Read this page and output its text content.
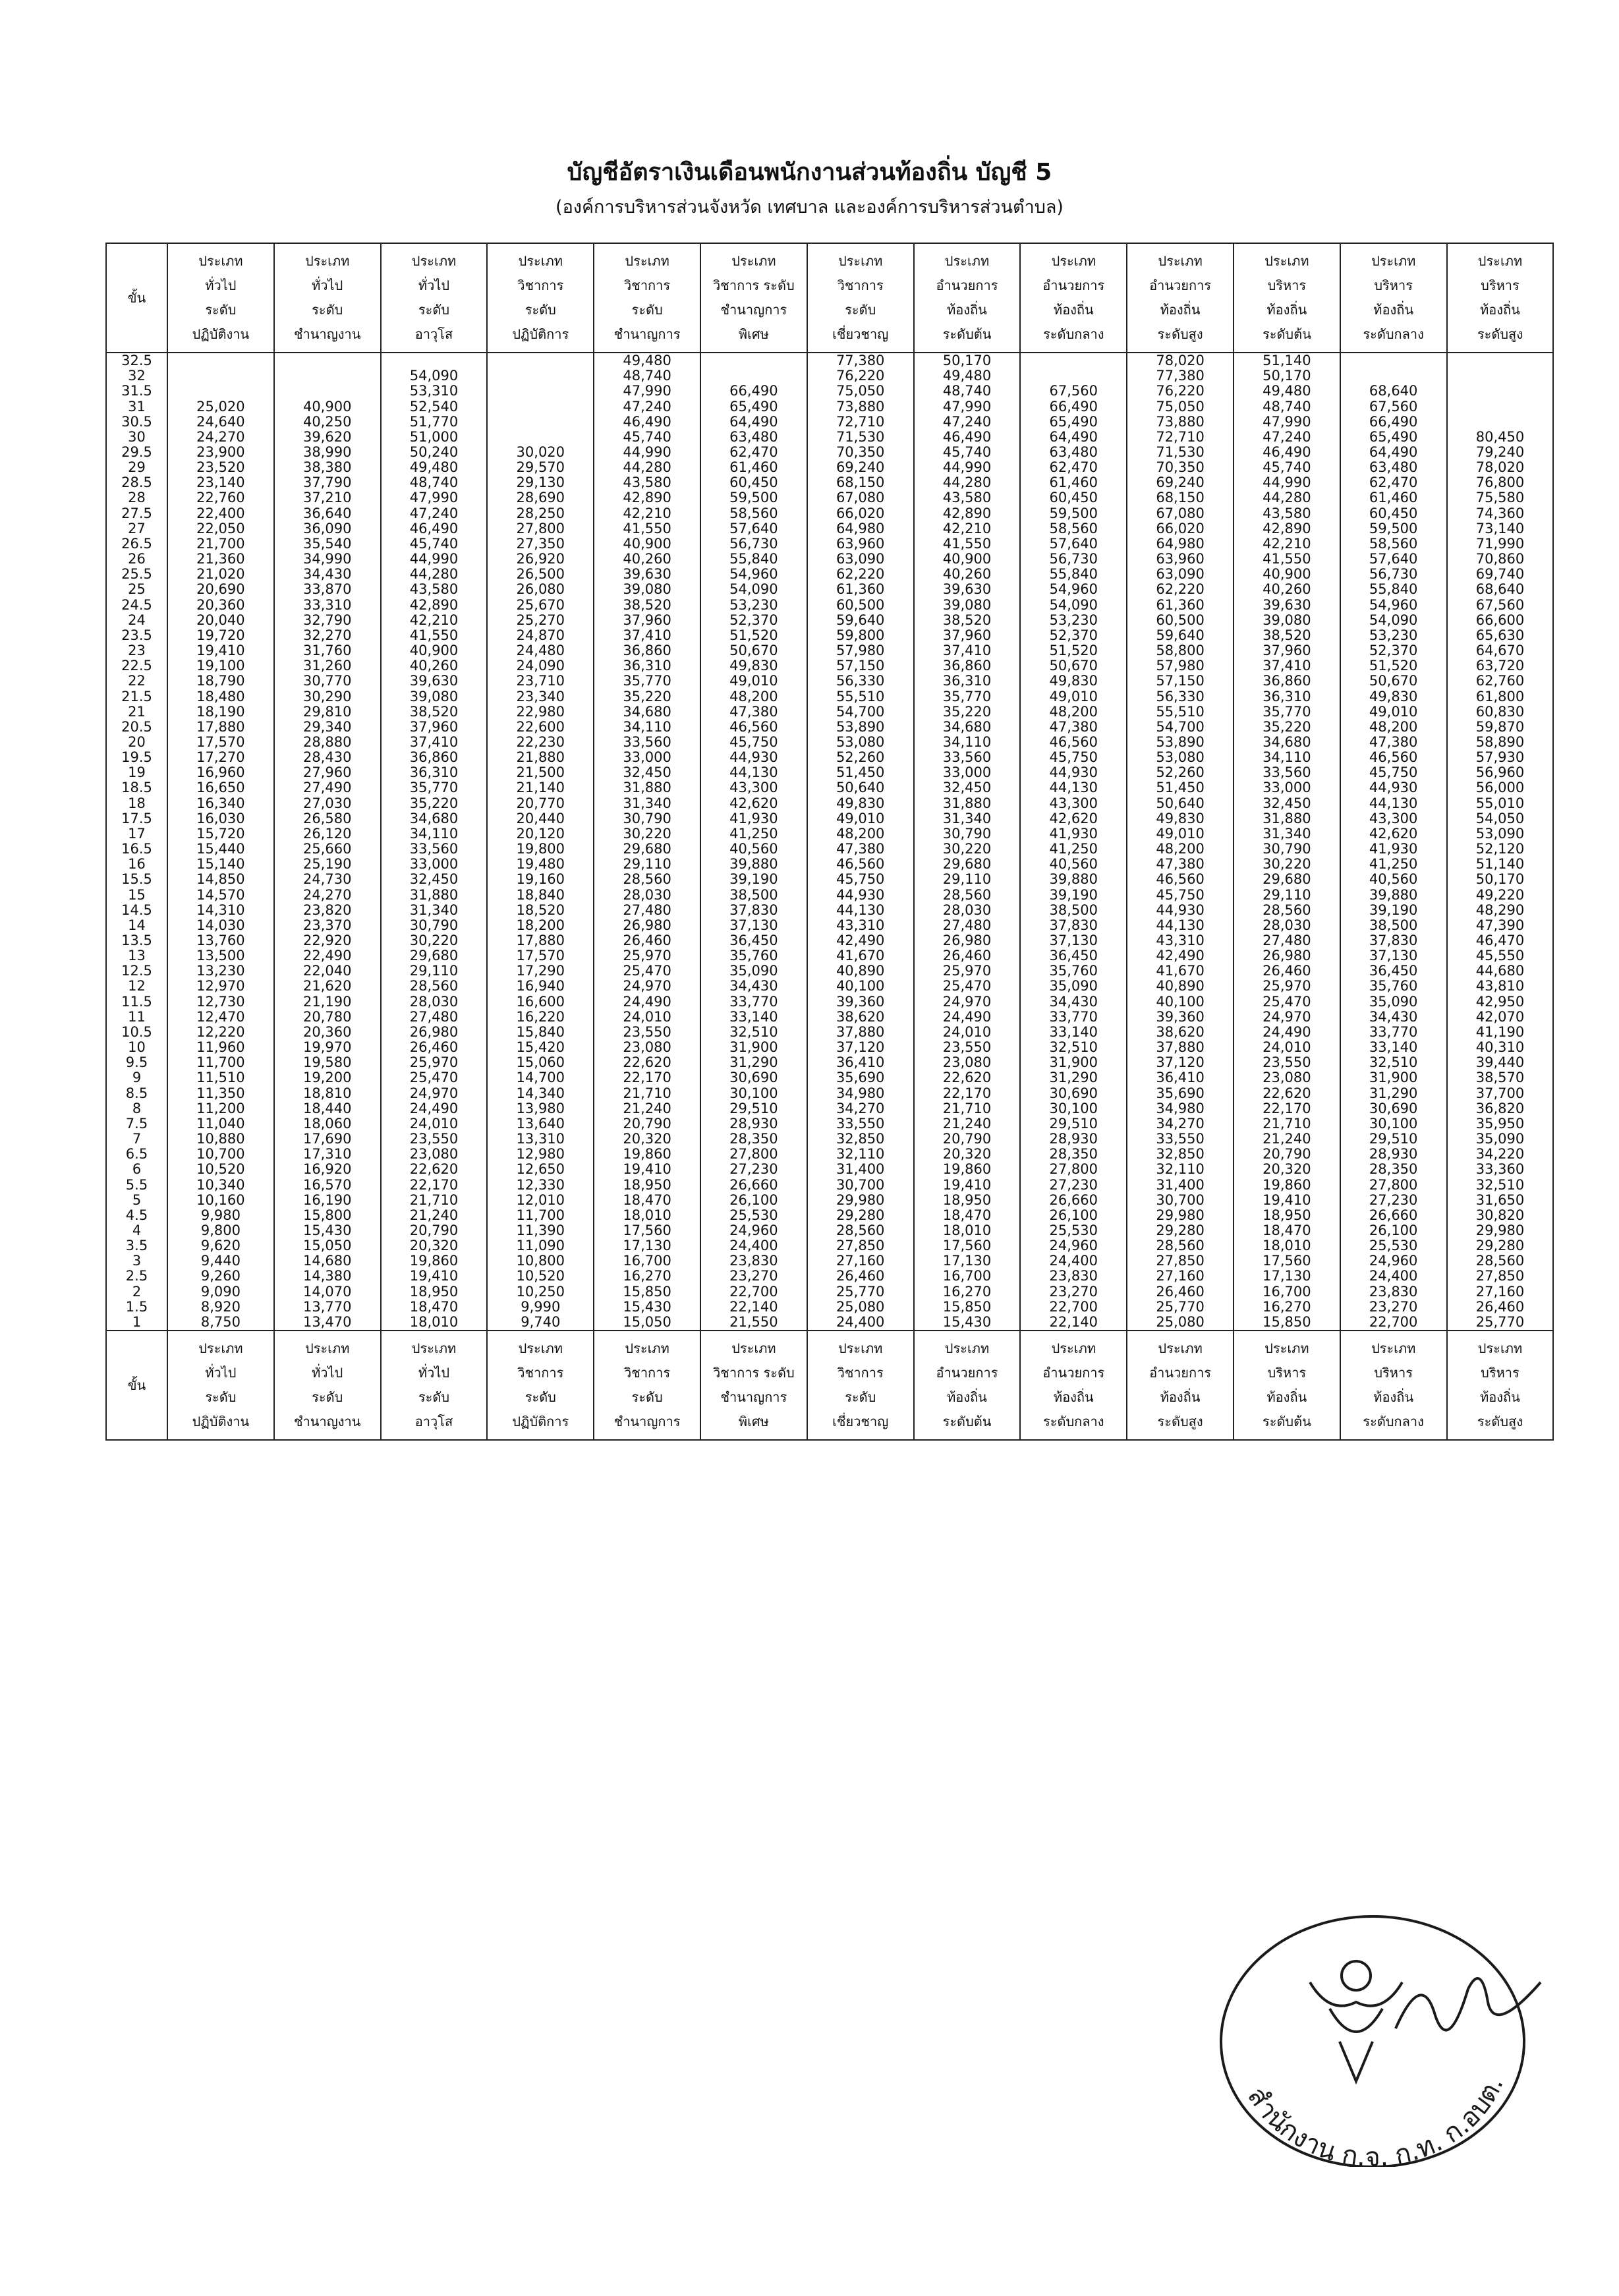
บัญชีอัตราเงินเดือนพนักงานส่วนท้องถิ่น บัญชี 5
(องค์การบริหารส่วนจังหวัด เทศบาล และองค์การบริหารส่วนตำบล)
ขั้น	ประเภท
ทั่วไป
ระดับ
ปฏิบัติงาน	ประเภท
ทั่วไป
ระดับ
ชำนาญงาน	ประเภท
ทั่วไป
ระดับ
อาวุโส	ประเภท
วิชาการ
ระดับ
ปฏิบัติการ	ประเภท
วิชาการ
ระดับ
ชำนาญการ	ประเภท
วิชาการ ระดับ
ชำนาญการ
พิเศษ	ประเภท
วิชาการ
ระดับ
เชี่ยวชาญ	ประเภท
อำนวยการ
ท้องถิ่น
ระดับต้น	ประเภท
อำนวยการ
ท้องถิ่น
ระดับกลาง	ประเภท
อำนวยการ
ท้องถิ่น
ระดับสูง	ประเภท
บริหาร
ท้องถิ่น
ระดับต้น	ประเภท
บริหาร
ท้องถิ่น
ระดับกลาง	ประเภท
บริหาร
ท้องถิ่น
ระดับสูง

32.5					49,480		77,380	50,170		78,020	51,140		
32			54,090		48,740		76,220	49,480		77,380	50,170		
31.5			53,310		47,990	66,490	75,050	48,740	67,560	76,220	49,480	68,640	
31	25,020	40,900	52,540		47,240	65,490	73,880	47,990	66,490	75,050	48,740	67,560	
30.5	24,640	40,250	51,770		46,490	64,490	72,710	47,240	65,490	73,880	47,990	66,490	
30	24,270	39,620	51,000		45,740	63,480	71,530	46,490	64,490	72,710	47,240	65,490	80,450
29.5	23,900	38,990	50,240	30,020	44,990	62,470	70,350	45,740	63,480	71,530	46,490	64,490	79,240
29	23,520	38,380	49,480	29,570	44,280	61,460	69,240	44,990	62,470	70,350	45,740	63,480	78,020
28.5	23,140	37,790	48,740	29,130	43,580	60,450	68,150	44,280	61,460	69,240	44,990	62,470	76,800
28	22,760	37,210	47,990	28,690	42,890	59,500	67,080	43,580	60,450	68,150	44,280	61,460	75,580
27.5	22,400	36,640	47,240	28,250	42,210	58,560	66,020	42,890	59,500	67,080	43,580	60,450	74,360
27	22,050	36,090	46,490	27,800	41,550	57,640	64,980	42,210	58,560	66,020	42,890	59,500	73,140
26.5	21,700	35,540	45,740	27,350	40,900	56,730	63,960	41,550	57,640	64,980	42,210	58,560	71,990
26	21,360	34,990	44,990	26,920	40,260	55,840	63,090	40,900	56,730	63,960	41,550	57,640	70,860
25.5	21,020	34,430	44,280	26,500	39,630	54,960	62,220	40,260	55,840	63,090	40,900	56,730	69,740
25	20,690	33,870	43,580	26,080	39,080	54,090	61,360	39,630	54,960	62,220	40,260	55,840	68,640
24.5	20,360	33,310	42,890	25,670	38,520	53,230	60,500	39,080	54,090	61,360	39,630	54,960	67,560
24	20,040	32,790	42,210	25,270	37,960	52,370	59,640	38,520	53,230	60,500	39,080	54,090	66,600
23.5	19,720	32,270	41,550	24,870	37,410	51,520	59,800	37,960	52,370	59,640	38,520	53,230	65,630
23	19,410	31,760	40,900	24,480	36,860	50,670	57,980	37,410	51,520	58,800	37,960	52,370	64,670
22.5	19,100	31,260	40,260	24,090	36,310	49,830	57,150	36,860	50,670	57,980	37,410	51,520	63,720
22	18,790	30,770	39,630	23,710	35,770	49,010	56,330	36,310	49,830	57,150	36,860	50,670	62,760
21.5	18,480	30,290	39,080	23,340	35,220	48,200	55,510	35,770	49,010	56,330	36,310	49,830	61,800
21	18,190	29,810	38,520	22,980	34,680	47,380	54,700	35,220	48,200	55,510	35,770	49,010	60,830
20.5	17,880	29,340	37,960	22,600	34,110	46,560	53,890	34,680	47,380	54,700	35,220	48,200	59,870
20	17,570	28,880	37,410	22,230	33,560	45,750	53,080	34,110	46,560	53,890	34,680	47,380	58,890
19.5	17,270	28,430	36,860	21,880	33,000	44,930	52,260	33,560	45,750	53,080	34,110	46,560	57,930
19	16,960	27,960	36,310	21,500	32,450	44,130	51,450	33,000	44,930	52,260	33,560	45,750	56,960
18.5	16,650	27,490	35,770	21,140	31,880	43,300	50,640	32,450	44,130	51,450	33,000	44,930	56,000
18	16,340	27,030	35,220	20,770	31,340	42,620	49,830	31,880	43,300	50,640	32,450	44,130	55,010
17.5	16,030	26,580	34,680	20,440	30,790	41,930	49,010	31,340	42,620	49,830	31,880	43,300	54,050
17	15,720	26,120	34,110	20,120	30,220	41,250	48,200	30,790	41,930	49,010	31,340	42,620	53,090
16.5	15,440	25,660	33,560	19,800	29,680	40,560	47,380	30,220	41,250	48,200	30,790	41,930	52,120
16	15,140	25,190	33,000	19,480	29,110	39,880	46,560	29,680	40,560	47,380	30,220	41,250	51,140
15.5	14,850	24,730	32,450	19,160	28,560	39,190	45,750	29,110	39,880	46,560	29,680	40,560	50,170
15	14,570	24,270	31,880	18,840	28,030	38,500	44,930	28,560	39,190	45,750	29,110	39,880	49,220
14.5	14,310	23,820	31,340	18,520	27,480	37,830	44,130	28,030	38,500	44,930	28,560	39,190	48,290
14	14,030	23,370	30,790	18,200	26,980	37,130	43,310	27,480	37,830	44,130	28,030	38,500	47,390
13.5	13,760	22,920	30,220	17,880	26,460	36,450	42,490	26,980	37,130	43,310	27,480	37,830	46,470
13	13,500	22,490	29,680	17,570	25,970	35,760	41,670	26,460	36,450	42,490	26,980	37,130	45,550
12.5	13,230	22,040	29,110	17,290	25,470	35,090	40,890	25,970	35,760	41,670	26,460	36,450	44,680
12	12,970	21,620	28,560	16,940	24,970	34,430	40,100	25,470	35,090	40,890	25,970	35,760	43,810
11.5	12,730	21,190	28,030	16,600	24,490	33,770	39,360	24,970	34,430	40,100	25,470	35,090	42,950
11	12,470	20,780	27,480	16,220	24,010	33,140	38,620	24,490	33,770	39,360	24,970	34,430	42,070
10.5	12,220	20,360	26,980	15,840	23,550	32,510	37,880	24,010	33,140	38,620	24,490	33,770	41,190
10	11,960	19,970	26,460	15,420	23,080	31,900	37,120	23,550	32,510	37,880	24,010	33,140	40,310
9.5	11,700	19,580	25,970	15,060	22,620	31,290	36,410	23,080	31,900	37,120	23,550	32,510	39,440
9	11,510	19,200	25,470	14,700	22,170	30,690	35,690	22,620	31,290	36,410	23,080	31,900	38,570
8.5	11,350	18,810	24,970	14,340	21,710	30,100	34,980	22,170	30,690	35,690	22,620	31,290	37,700
8	11,200	18,440	24,490	13,980	21,240	29,510	34,270	21,710	30,100	34,980	22,170	30,690	36,820
7.5	11,040	18,060	24,010	13,640	20,790	28,930	33,550	21,240	29,510	34,270	21,710	30,100	35,950
7	10,880	17,690	23,550	13,310	20,320	28,350	32,850	20,790	28,930	33,550	21,240	29,510	35,090
6.5	10,700	17,310	23,080	12,980	19,860	27,800	32,110	20,320	28,350	32,850	20,790	28,930	34,220
6	10,520	16,920	22,620	12,650	19,410	27,230	31,400	19,860	27,800	32,110	20,320	28,350	33,360
5.5	10,340	16,570	22,170	12,330	18,950	26,660	30,700	19,410	27,230	31,400	19,860	27,800	32,510
5	10,160	16,190	21,710	12,010	18,470	26,100	29,980	18,950	26,660	30,700	19,410	27,230	31,650
4.5	9,980	15,800	21,240	11,700	18,010	25,530	29,280	18,470	26,100	29,980	18,950	26,660	30,820
4	9,800	15,430	20,790	11,390	17,560	24,960	28,560	18,010	25,530	29,280	18,470	26,100	29,980
3.5	9,620	15,050	20,320	11,090	17,130	24,400	27,850	17,560	24,960	28,560	18,010	25,530	29,280
3	9,440	14,680	19,860	10,800	16,700	23,830	27,160	17,130	24,400	27,850	17,560	24,960	28,560
2.5	9,260	14,380	19,410	10,520	16,270	23,270	26,460	16,700	23,830	27,160	17,130	24,400	27,850
2	9,090	14,070	18,950	10,250	15,850	22,700	25,770	16,270	23,270	26,460	16,700	23,830	27,160
1.5	8,920	13,770	18,470	9,990	15,430	22,140	25,080	15,850	22,700	25,770	16,270	23,270	26,460
1	8,750	13,470	18,010	9,740	15,050	21,550	24,400	15,430	22,140	25,080	15,850	22,700	25,770
ขั้น	ประเภท
ทั่วไป
ระดับ
ปฏิบัติงาน	ประเภท
ทั่วไป
ระดับ
ชำนาญงาน	ประเภท
ทั่วไป
ระดับ
อาวุโส	ประเภท
วิชาการ
ระดับ
ปฏิบัติการ	ประเภท
วิชาการ
ระดับ
ชำนาญการ	ประเภท
วิชาการ ระดับ
ชำนาญการ
พิเศษ	ประเภท
วิชาการ
ระดับ
เชี่ยวชาญ	ประเภท
อำนวยการ
ท้องถิ่น
ระดับต้น	ประเภท
อำนวยการ
ท้องถิ่น
ระดับกลาง	ประเภท
อำนวยการ
ท้องถิ่น
ระดับสูง	ประเภท
บริหาร
ท้องถิ่น
ระดับต้น	ประเภท
บริหาร
ท้องถิ่น
ระดับกลาง	ประเภท
บริหาร
ท้องถิ่น
ระดับสูง
สำนักงาน ก.จ. ก.ท. ก.อบต.
